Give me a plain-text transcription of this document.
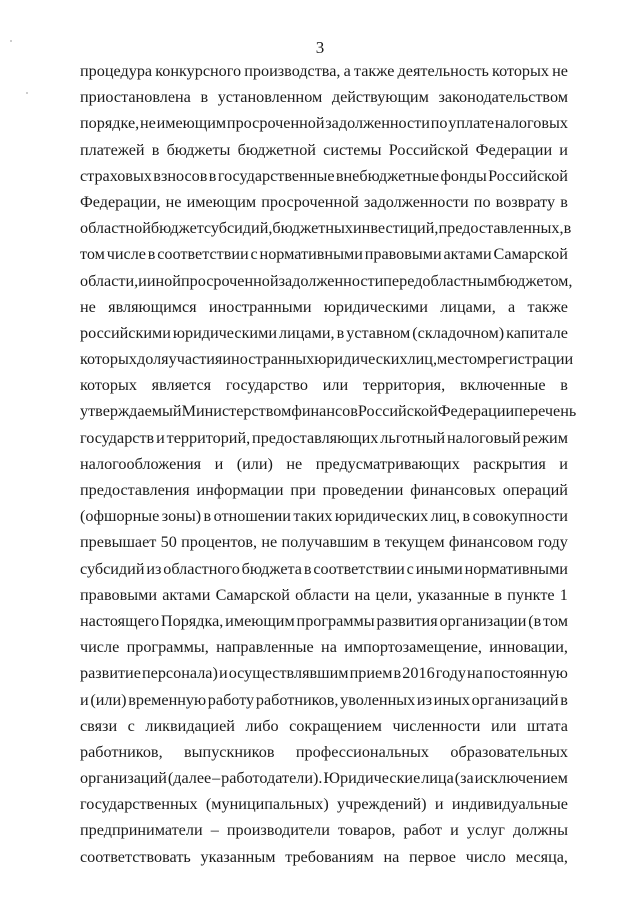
3
процедура конкурсного производства, а также деятельность которых не
приостановлена в установленном действующим законодательством
порядке, не имеющим просроченной задолженности по уплате налоговых
платежей в бюджеты бюджетной системы Российской Федерации и
страховых взносов в государственные внебюджетные фонды Российской
Федерации, не имеющим просроченной задолженности по возврату в
областной бюджет субсидий, бюджетных инвестиций, предоставленных, в
том числе в соответствии с нормативными правовыми актами Самарской
области, и иной просроченной задолженности перед областным бюджетом,
не являющимся иностранными юридическими лицами, а также
российскими юридическими лицами, в уставном (складочном) капитале
которых доля участия иностранных юридических лиц, местом регистрации
которых является государство или территория, включенные в
утверждаемый Министерством финансов Российской Федерации перечень
государств и территорий, предоставляющих льготный налоговый режим
налогообложения и (или) не предусматривающих раскрытия и
предоставления информации при проведении финансовых операций
(офшорные зоны) в отношении таких юридических лиц, в совокупности
превышает 50 процентов, не получавшим в текущем финансовом году
субсидий из областного бюджета в соответствии с иными нормативными
правовыми актами Самарской области на цели, указанные в пункте 1
настоящего Порядка, имеющим программы развития организации (в том
числе программы, направленные на импортозамещение, инновации,
развитие персонала) и осуществлявшим прием в 2016 году на постоянную
и (или) временную работу работников, уволенных из иных организаций в
связи с ликвидацией либо сокращением численности или штата
работников, выпускников профессиональных образовательных
организаций (далее – работодатели). Юридические лица (за исключением
государственных (муниципальных) учреждений) и индивидуальные
предприниматели – производители товаров, работ и услуг должны
соответствовать указанным требованиям на первое число месяца,
